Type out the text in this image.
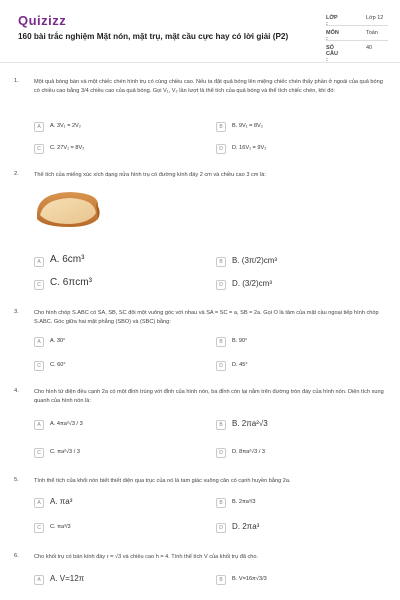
Quizizz
160 bài trắc nghiệm Mặt nón, mặt trụ, mặt cầu cực hay có lời giải (P2)
LỚP :
Lớp 12
MÔN :
Toán
SỐ CÂU :
40
1.	Một quả bóng bàn và một chiếc chén hình trụ có cùng chiều cao. Nếu ta đặt quả bóng lên miệng chiếc chén thấy phần ở ngoài của quả bóng có chiều cao bằng 3/4 chiều cao của quả bóng. Gọi V₁, V₂ lần lượt là thể tích của quả bóng và thể tích chiếc chén, khi đó:
A	A. 3V₁ = 2V₂	B	B. 9V₁ = 8V₂
C	C. 27V₁ = 8V₂	D	D. 16V₁ = 9V₂
2.	Thể tích của miếng xúc xích dạng nửa hình trụ có đường kính đáy 2 cm và chiều cao 3 cm là:
A A. 6cm³	B	B. (3π/2)cm³
C C. 6πcm³	D	D. (3/2)cm³
3.	Cho hình chóp S.ABC có SA, SB, SC đôi một vuông góc với nhau và SA = SC = a, SB = 2a. Gọi O là tâm của mặt cầu ngoại tiếp hình chóp S.ABC. Góc giữa hai mặt phẳng (SBO) và (SBC) bằng:
A	A. 30°	B	B. 90°
C	C. 60°	D	D. 45°
4.	Cho hình tứ diện đều cạnh 2a có một đỉnh trùng với đỉnh của hình nón, ba đỉnh còn lại nằm trên đường tròn đáy của hình nón. Diện tích xung quanh của hình nón là:
A	A. 4πa²√3 / 3	B	B. 2πa²√3
C	C. πa²√3 / 3	D	D. 8πa²√3 / 3
5.	Tính thể tích của khối nón biết thiết diện qua trục của nó là tam giác vuông cân có cạnh huyền bằng 2a.
A	A. πa³	B	B. 2πa³/3
C	C. πa³/3	D	D. 2πa³
6.	Cho khối trụ có bán kính đáy r = √3 và chiều cao h = 4. Tính thể tích V của khối trụ đã cho.
A	A. V=12π	B	B. V=16π√3/3
